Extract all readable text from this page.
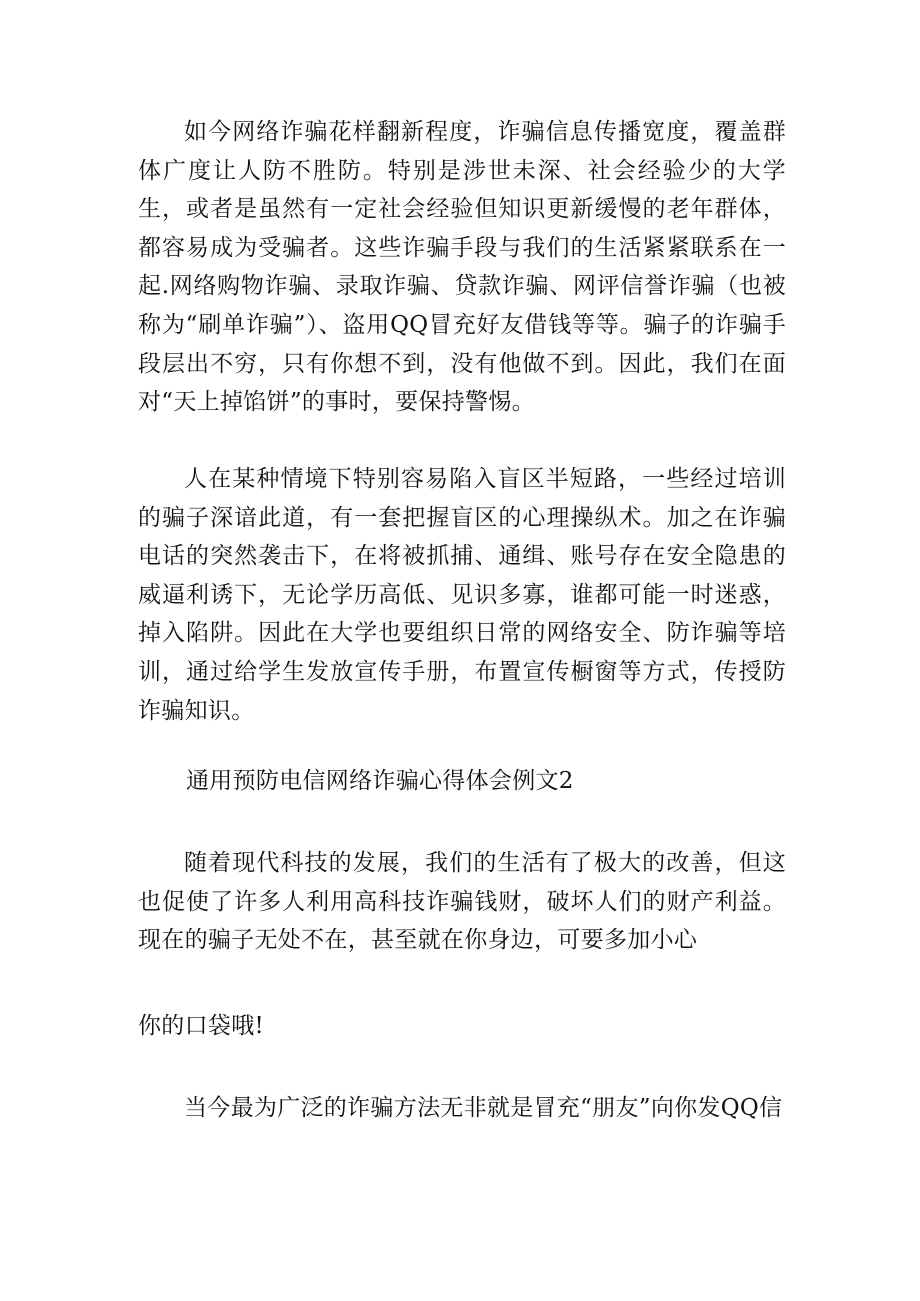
如今网络诈骗花样翻新程度，诈骗信息传播宽度，覆盖群体广度让人防不胜防。特别是涉世未深、社会经验少的大学生，或者是虽然有一定社会经验但知识更新缓慢的老年群体，都容易成为受骗者。这些诈骗手段与我们的生活紧紧联系在一起.网络购物诈骗、录取诈骗、贷款诈骗、网评信誉诈骗（也被称为“刷单诈骗”）、盗用QQ冒充好友借钱等等。骗子的诈骗手段层出不穷，只有你想不到，没有他做不到。因此，我们在面对“天上掉馅饼”的事时，要保持警惕。

人在某种情境下特别容易陷入盲区半短路，一些经过培训的骗子深谙此道，有一套把握盲区的心理操纵术。加之在诈骗电话的突然袭击下，在将被抓捕、通缉、账号存在安全隐患的威逼利诱下，无论学历高低、见识多寡，谁都可能一时迷惑，掉入陷阱。因此在大学也要组织日常的网络安全、防诈骗等培训，通过给学生发放宣传手册，布置宣传橱窗等方式，传授防诈骗知识。

通用预防电信网络诈骗心得体会例文2

随着现代科技的发展，我们的生活有了极大的改善，但这也促使了许多人利用高科技诈骗钱财，破坏人们的财产利益。现在的骗子无处不在，甚至就在你身边，可要多加小心

你的口袋哦!

当今最为广泛的诈骗方法无非就是冒充“朋友”向你发QQ信
